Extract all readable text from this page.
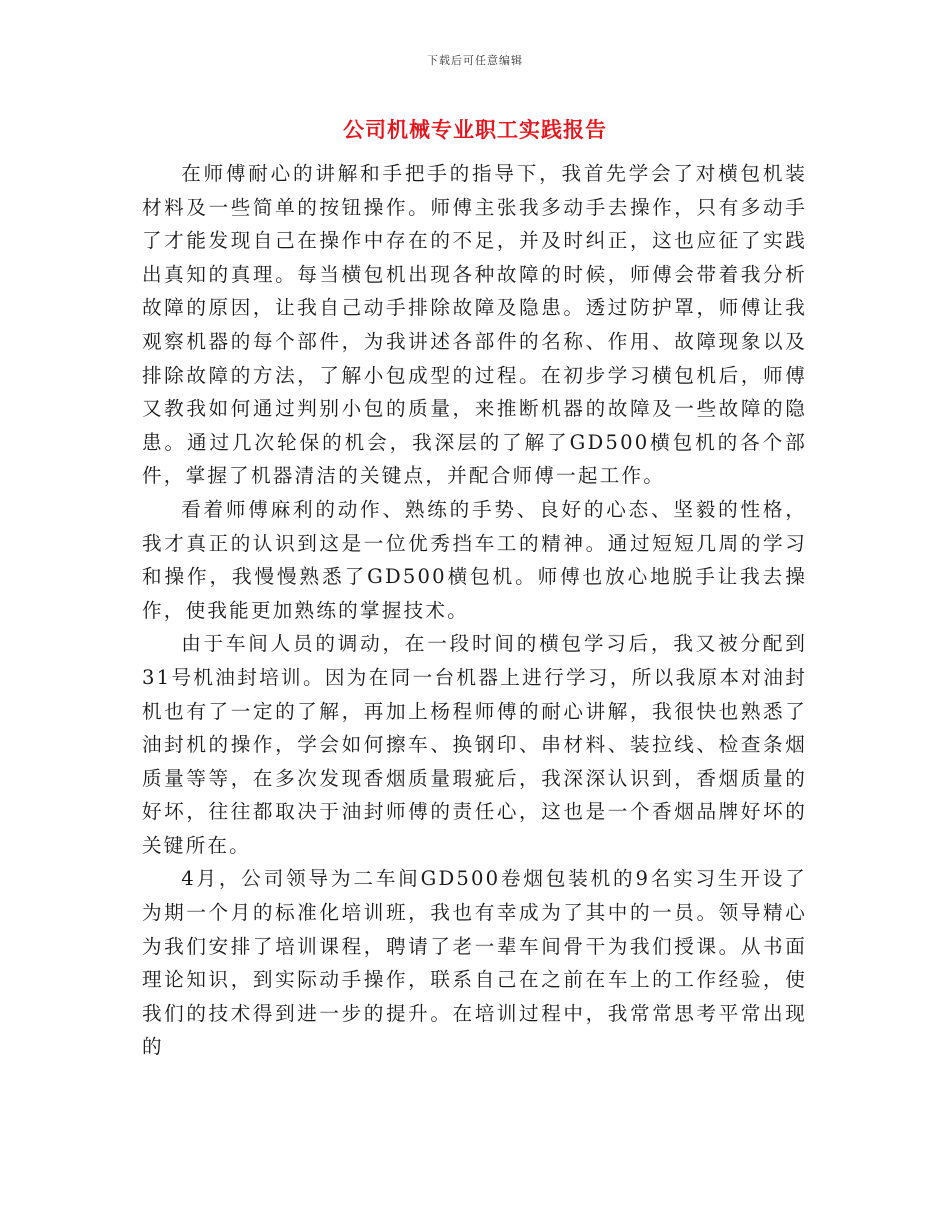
下载后可任意编辑
公司机械专业职工实践报告

在师傅耐心的讲解和手把手的指导下，我首先学会了对横包机装材料及一些简单的按钮操作。师傅主张我多动手去操作，只有多动手了才能发现自己在操作中存在的不足，并及时纠正，这也应征了实践出真知的真理。每当横包机出现各种故障的时候，师傅会带着我分析故障的原因，让我自己动手排除故障及隐患。透过防护罩，师傅让我观察机器的每个部件，为我讲述各部件的名称、作用、故障现象以及排除故障的方法，了解小包成型的过程。在初步学习横包机后，师傅又教我如何通过判别小包的质量，来推断机器的故障及一些故障的隐患。通过几次轮保的机会，我深层的了解了GD500横包机的各个部件，掌握了机器清洁的关键点，并配合师傅一起工作。

看着师傅麻利的动作、熟练的手势、良好的心态、坚毅的性格，我才真正的认识到这是一位优秀挡车工的精神。通过短短几周的学习和操作，我慢慢熟悉了GD500横包机。师傅也放心地脱手让我去操作，使我能更加熟练的掌握技术。

由于车间人员的调动，在一段时间的横包学习后，我又被分配到31号机油封培训。因为在同一台机器上进行学习，所以我原本对油封机也有了一定的了解，再加上杨程师傅的耐心讲解，我很快也熟悉了油封机的操作，学会如何擦车、换钢印、串材料、装拉线、检查条烟质量等等，在多次发现香烟质量瑕疵后，我深深认识到，香烟质量的好坏，往往都取决于油封师傅的责任心，这也是一个香烟品牌好坏的关键所在。

4月，公司领导为二车间GD500卷烟包装机的9名实习生开设了为期一个月的标准化培训班，我也有幸成为了其中的一员。领导精心为我们安排了培训课程，聘请了老一辈车间骨干为我们授课。从书面理论知识，到实际动手操作，联系自己在之前在车上的工作经验，使我们的技术得到进一步的提升。在培训过程中，我常常思考平常出现的
